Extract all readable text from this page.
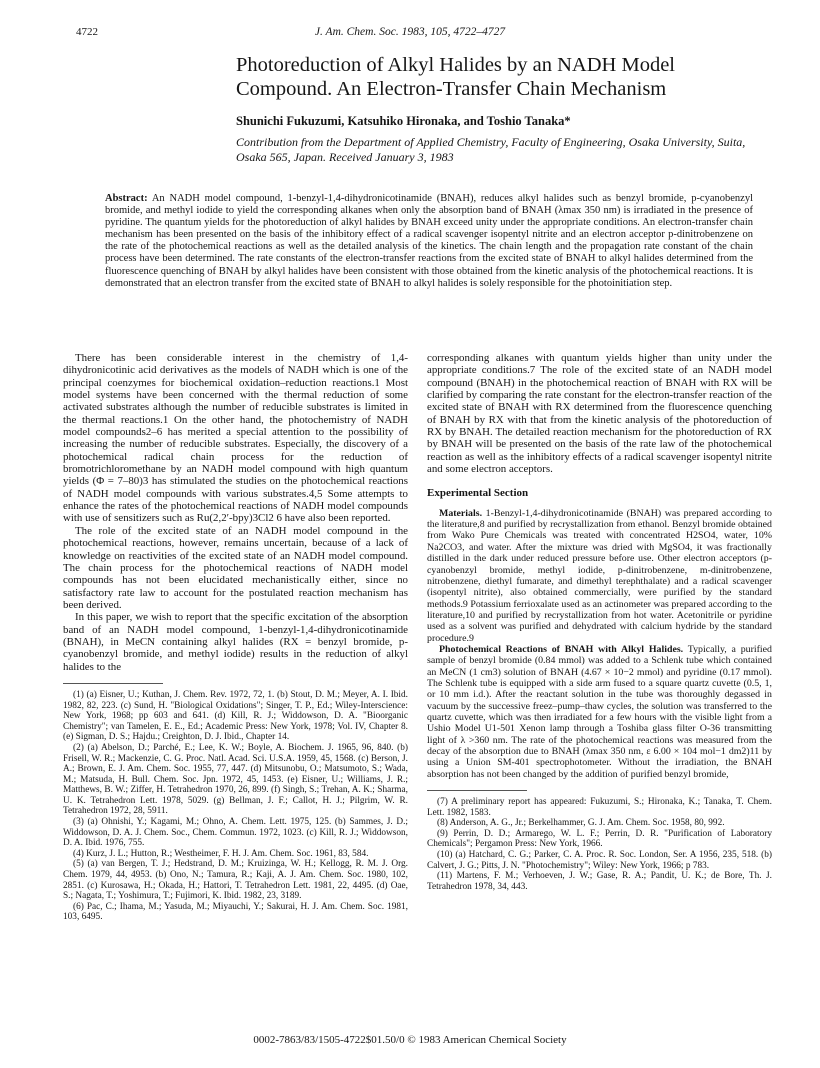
4722	J. Am. Chem. Soc. 1983, 105, 4722–4727
Photoreduction of Alkyl Halides by an NADH Model Compound. An Electron-Transfer Chain Mechanism
Shunichi Fukuzumi, Katsuhiko Hironaka, and Toshio Tanaka*
Contribution from the Department of Applied Chemistry, Faculty of Engineering, Osaka University, Suita, Osaka 565, Japan. Received January 3, 1983
Abstract: An NADH model compound, 1-benzyl-1,4-dihydronicotinamide (BNAH), reduces alkyl halides such as benzyl bromide, p-cyanobenzyl bromide, and methyl iodide to yield the corresponding alkanes when only the absorption band of BNAH (λmax 350 nm) is irradiated in the presence of pyridine. The quantum yields for the photoreduction of alkyl halides by BNAH exceed unity under the appropriate conditions. An electron-transfer chain mechanism has been presented on the basis of the inhibitory effect of a radical scavenger isopentyl nitrite and an electron acceptor p-dinitrobenzene on the rate of the photochemical reactions as well as the detailed analysis of the kinetics. The chain length and the propagation rate constant of the chain process have been determined. The rate constants of the electron-transfer reactions from the excited state of BNAH to alkyl halides determined from the fluorescence quenching of BNAH by alkyl halides have been consistent with those obtained from the kinetic analysis of the photochemical reactions. It is demonstrated that an electron transfer from the excited state of BNAH to alkyl halides is solely responsible for the photoinitiation step.

There has been considerable interest in the chemistry of 1,4-dihydronicotinic acid derivatives as the models of NADH which is one of the principal coenzymes for biochemical oxidation–reduction reactions.1 Most model systems have been concerned with the thermal reduction of some activated substrates although the number of reducible substrates is limited in the thermal reactions.1 On the other hand, the photochemistry of NADH model compounds2–6 has merited a special attention to the possibility of increasing the number of reducible substrates. Especially, the discovery of a photochemical radical chain process for the reduction of bromotrichloromethane by an NADH model compound with high quantum yields (Φ = 7–80)3 has stimulated the studies on the photochemical reactions of NADH model compounds with various substrates.4,5 Some attempts to enhance the rates of the photochemical reactions of NADH model compounds with use of sensitizers such as Ru(2,2′-bpy)3Cl2 6 have also been reported.

The role of the excited state of an NADH model compound in the photochemical reactions, however, remains uncertain, because of a lack of knowledge on reactivities of the excited state of an NADH model compound. The chain process for the photochemical reactions of NADH model compounds has not been elucidated mechanistically either, since no satisfactory rate law to account for the postulated reaction mechanism has been derived.

In this paper, we wish to report that the specific excitation of the absorption band of an NADH model compound, 1-benzyl-1,4-dihydronicotinamide (BNAH), in MeCN containing alkyl halides (RX = benzyl bromide, p-cyanobenzyl bromide, and methyl iodide) results in the reduction of alkyl halides to the

(1) (a) Eisner, U.; Kuthan, J. Chem. Rev. 1972, 72, 1. (b) Stout, D. M.; Meyer, A. I. Ibid. 1982, 82, 223. (c) Sund, H. "Biological Oxidations"; Singer, T. P., Ed.; Wiley-Interscience: New York, 1968; pp 603 and 641. (d) Kill, R. J.; Widdowson, D. A. "Bioorganic Chemistry"; van Tamelen, E. E., Ed.; Academic Press: New York, 1978; Vol. IV, Chapter 8. (e) Sigman, D. S.; Hajdu.; Creighton, D. J. Ibid., Chapter 14.

(2) (a) Abelson, D.; Parché, E.; Lee, K. W.; Boyle, A. Biochem. J. 1965, 96, 840. (b) Frisell, W. R.; Mackenzie, C. G. Proc. Natl. Acad. Sci. U.S.A. 1959, 45, 1568. (c) Berson, J. A.; Brown, E. J. Am. Chem. Soc. 1955, 77, 447. (d) Mitsunobu, O.; Matsumoto, S.; Wada, M.; Matsuda, H. Bull. Chem. Soc. Jpn. 1972, 45, 1453. (e) Eisner, U.; Williams, J. R.; Matthews, B. W.; Ziffer, H. Tetrahedron 1970, 26, 899. (f) Singh, S.; Trehan, A. K.; Sharma, U. K. Tetrahedron Lett. 1978, 5029. (g) Bellman, J. F.; Callot, H. J.; Pilgrim, W. R. Tetrahedron 1972, 28, 5911.

(3) (a) Ohnishi, Y.; Kagami, M.; Ohno, A. Chem. Lett. 1975, 125. (b) Sammes, J. D.; Widdowson, D. A. J. Chem. Soc., Chem. Commun. 1972, 1023. (c) Kill, R. J.; Widdowson, D. A. Ibid. 1976, 755.

(4) Kurz, J. L.; Hutton, R.; Westheimer, F. H. J. Am. Chem. Soc. 1961, 83, 584.

(5) (a) van Bergen, T. J.; Hedstrand, D. M.; Kruizinga, W. H.; Kellogg, R. M. J. Org. Chem. 1979, 44, 4953. (b) Ono, N.; Tamura, R.; Kaji, A. J. Am. Chem. Soc. 1980, 102, 2851. (c) Kurosawa, H.; Okada, H.; Hattori, T. Tetrahedron Lett. 1981, 22, 4495. (d) Oae, S.; Nagata, T.; Yoshimura, T.; Fujimori, K. Ibid. 1982, 23, 3189.

(6) Pac, C.; Ihama, M.; Yasuda, M.; Miyauchi, Y.; Sakurai, H. J. Am. Chem. Soc. 1981, 103, 6495.

corresponding alkanes with quantum yields higher than unity under the appropriate conditions.7 The role of the excited state of an NADH model compound (BNAH) in the photochemical reaction of BNAH with RX will be clarified by comparing the rate constant for the electron-transfer reaction of the excited state of BNAH with RX determined from the fluorescence quenching of BNAH by RX with that from the kinetic analysis of the photoreduction of RX by BNAH. The detailed reaction mechanism for the photoreduction of RX by BNAH will be presented on the basis of the rate law of the photochemical reaction as well as the inhibitory effects of a radical scavenger isopentyl nitrite and some electron acceptors.

Experimental Section

Materials. 1-Benzyl-1,4-dihydronicotinamide (BNAH) was prepared according to the literature,8 and purified by recrystallization from ethanol. Benzyl bromide obtained from Wako Pure Chemicals was treated with concentrated H2SO4, water, 10% Na2CO3, and water. After the mixture was dried with MgSO4, it was fractionally distilled in the dark under reduced pressure before use. Other electron acceptors (p-cyanobenzyl bromide, methyl iodide, p-dinitrobenzene, m-dinitrobenzene, nitrobenzene, diethyl fumarate, and dimethyl terephthalate) and a radical scavenger (isopentyl nitrite), also obtained commercially, were purified by the standard methods.9 Potassium ferrioxalate used as an actinometer was prepared according to the literature,10 and purified by recrystallization from hot water. Acetonitrile or pyridine used as a solvent was purified and dehydrated with calcium hydride by the standard procedure.9

Photochemical Reactions of BNAH with Alkyl Halides. Typically, a purified sample of benzyl bromide (0.84 mmol) was added to a Schlenk tube which contained an MeCN (1 cm3) solution of BNAH (4.67 × 10−2 mmol) and pyridine (0.17 mmol). The Schlenk tube is equipped with a side arm fused to a square quartz cuvette (0.5, 1, or 10 mm i.d.). After the reactant solution in the tube was thoroughly degassed in vacuum by the successive freez–pump–thaw cycles, the solution was transferred to the quartz cuvette, which was then irradiated for a few hours with the visible light from a Ushio Model U1-501 Xenon lamp through a Toshiba glass filter O-36 transmitting light of λ >360 nm. The rate of the photochemical reactions was measured from the decay of the absorption due to BNAH (λmax 350 nm, ε 6.00 × 104 mol−1 dm2)11 by using a Union SM-401 spectrophotometer. Without the irradiation, the BNAH absorption has not been changed by the addition of purified benzyl bromide,

(7) A preliminary report has appeared: Fukuzumi, S.; Hironaka, K.; Tanaka, T. Chem. Lett. 1982, 1583.

(8) Anderson, A. G., Jr.; Berkelhammer, G. J. Am. Chem. Soc. 1958, 80, 992.

(9) Perrin, D. D.; Armarego, W. L. F.; Perrin, D. R. "Purification of Laboratory Chemicals"; Pergamon Press: New York, 1966.

(10) (a) Hatchard, C. G.; Parker, C. A. Proc. R. Soc. London, Ser. A 1956, 235, 518. (b) Calvert, J. G.; Pitts, J. N. "Photochemistry"; Wiley: New York, 1966; p 783.

(11) Martens, F. M.; Verhoeven, J. W.; Gase, R. A.; Pandit, U. K.; de Bore, Th. J. Tetrahedron 1978, 34, 443.

0002-7863/83/1505-4722$01.50/0 © 1983 American Chemical Society
